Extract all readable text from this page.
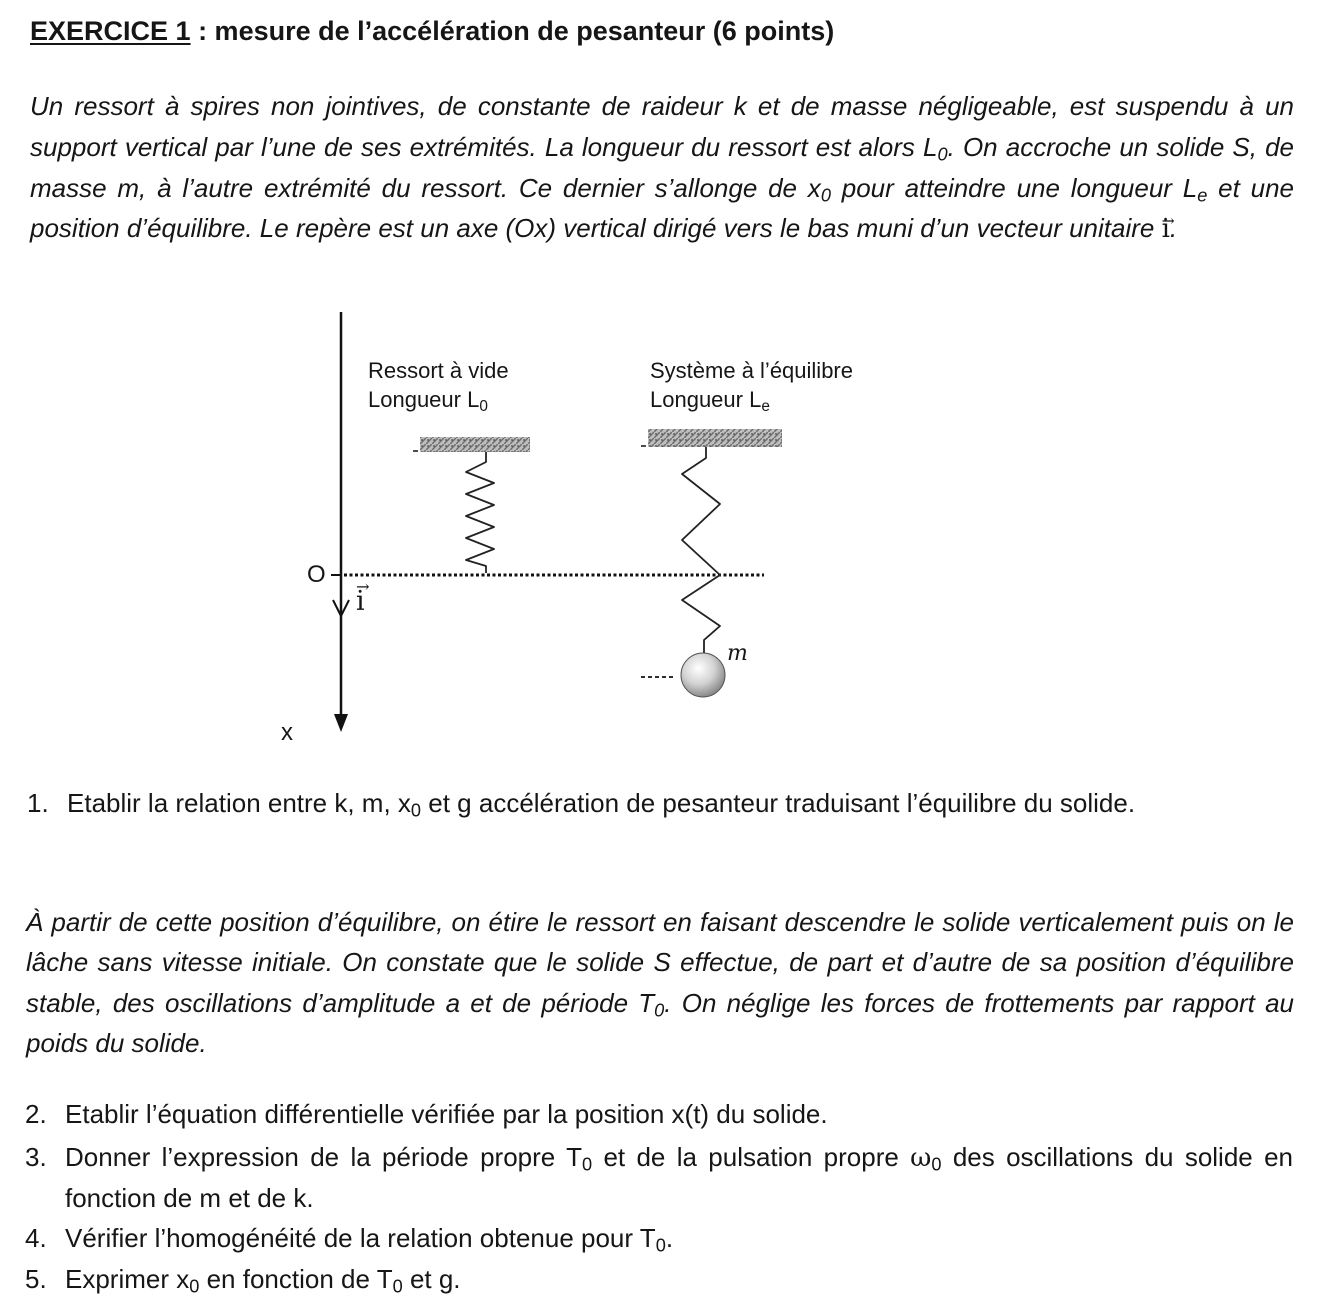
EXERCICE 1 : mesure de l’accélération de pesanteur (6 points)

Un ressort à spires non jointives, de constante de raideur k et de masse négligeable, est suspendu à un support vertical par l’une de ses extrémités. La longueur du ressort est alors $L_0$. On accroche un solide S, de masse m, à l’autre extrémité du ressort. Ce dernier s’allonge de $x_0$ pour atteindre une longueur $L_e$ et une position d’équilibre. Le repère est un axe (Ox) vertical dirigé vers le bas muni d’un vecteur unitaire → i.

Ressort à vide
Longueur $L_0$
Système à l’équilibre
Longueur $L_e$
O
→ i
x
m

1. Etablir la relation entre k, m, $x_0$ et g accélération de pesanteur traduisant l’équilibre du solide.

À partir de cette position d’équilibre, on étire le ressort en faisant descendre le solide verticalement puis on le lâche sans vitesse initiale. On constate que le solide S effectue, de part et d’autre de sa position d’équilibre stable, des oscillations d’amplitude a et de période $T_0$. On néglige les forces de frottements par rapport au poids du solide.

2. Etablir l’équation différentielle vérifiée par la position x(t) du solide.

3. Donner l’expression de la période propre $T_0$ et de la pulsation propre $\omega_0$ des oscillations du solide en fonction de m et de k.

4. Vérifier l’homogénéité de la relation obtenue pour $T_0$.

5. Exprimer $x_0$ en fonction de $T_0$ et g.
